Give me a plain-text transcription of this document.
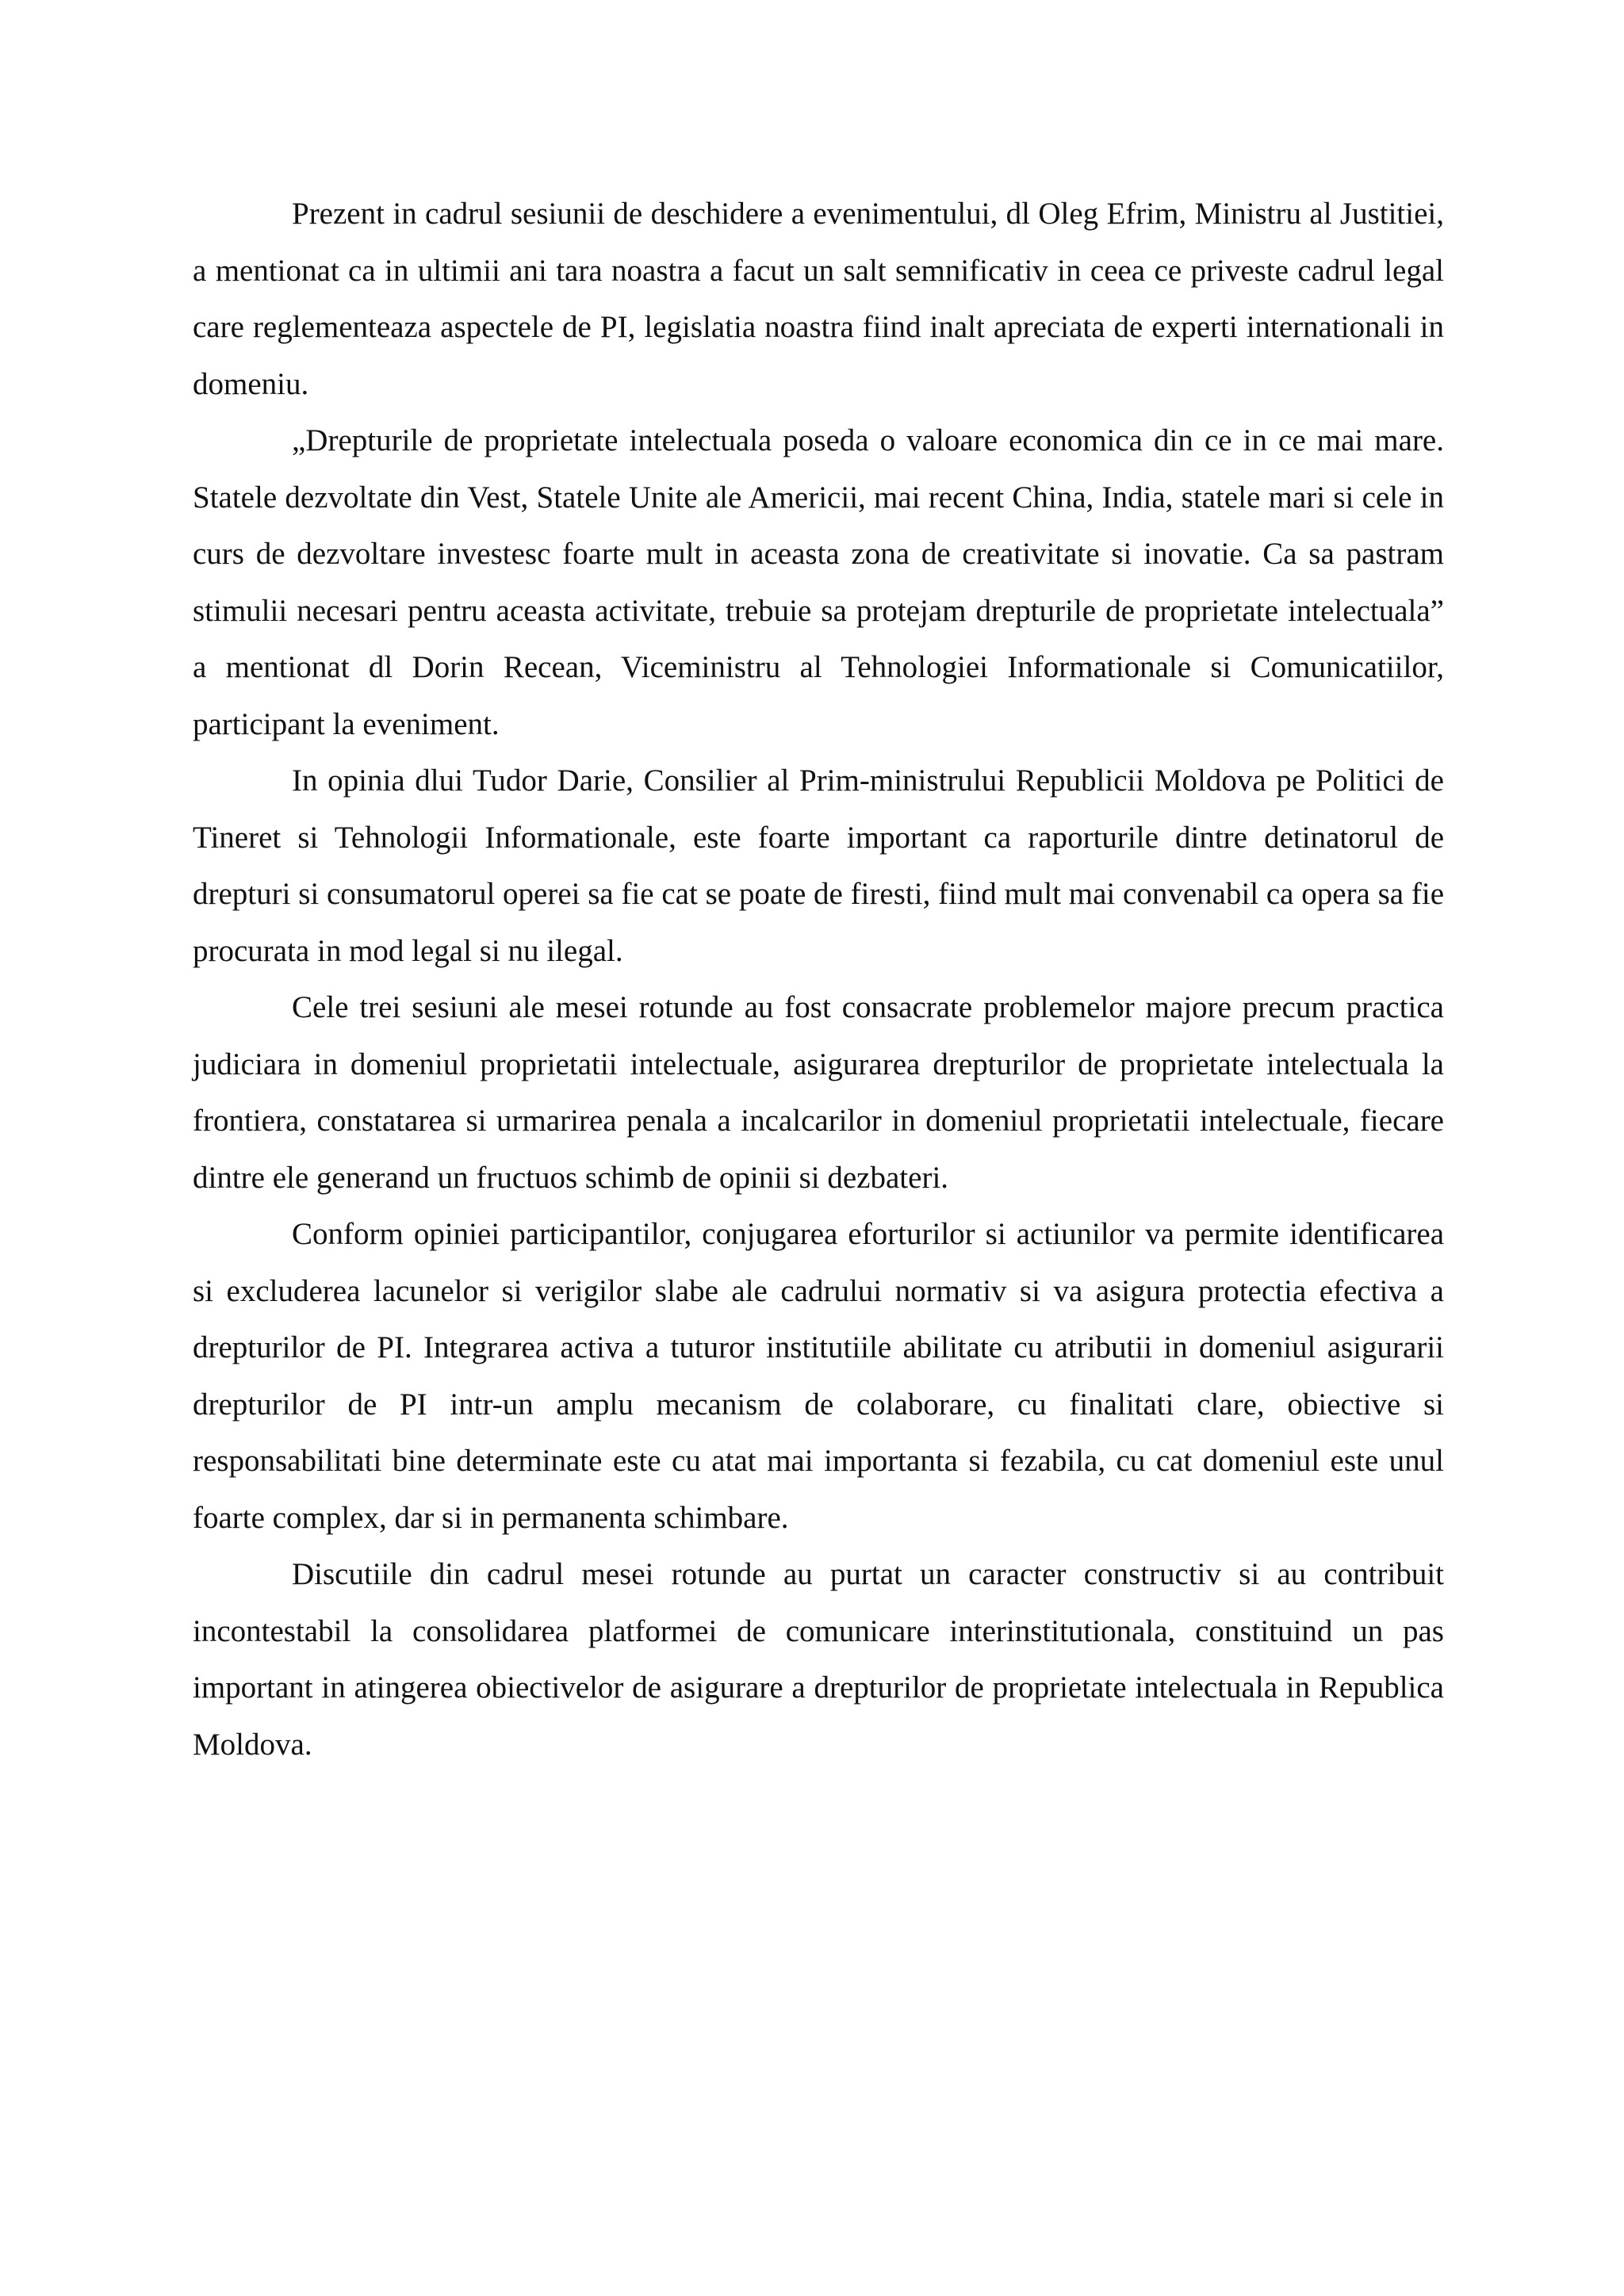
Prezent in cadrul sesiunii de deschidere a evenimentului, dl Oleg Efrim, Ministru al Justitiei, a mentionat ca in ultimii ani tara noastra a facut un salt semnificativ in ceea ce priveste cadrul legal care reglementeaza aspectele de PI, legislatia noastra fiind inalt apreciata de experti internationali in domeniu.

„Drepturile de proprietate intelectuala poseda o valoare economica din ce in ce mai mare. Statele dezvoltate din Vest, Statele Unite ale Americii, mai recent China, India, statele mari si cele in curs de dezvoltare investesc foarte mult in aceasta zona de creativitate si inovatie. Ca sa pastram stimulii necesari pentru aceasta activitate, trebuie sa protejam drepturile de proprietate intelectuala” a mentionat dl Dorin Recean, Viceministru al Tehnologiei Informationale si Comunicatiilor, participant la eveniment.

In opinia dlui Tudor Darie, Consilier al Prim-ministrului Republicii Moldova pe Politici de Tineret si Tehnologii Informationale, este foarte important ca raporturile dintre detinatorul de drepturi si consumatorul operei sa fie cat se poate de firesti, fiind mult mai convenabil ca opera sa fie procurata in mod legal si nu ilegal.

Cele trei sesiuni ale mesei rotunde au fost consacrate problemelor majore precum practica judiciara in domeniul proprietatii intelectuale, asigurarea drepturilor de proprietate intelectuala la frontiera, constatarea si urmarirea penala a incalcarilor in domeniul proprietatii intelectuale, fiecare dintre ele generand un fructuos schimb de opinii si dezbateri.

Conform opiniei participantilor, conjugarea eforturilor si actiunilor va permite identificarea si excluderea lacunelor si verigilor slabe ale cadrului normativ si va asigura protectia efectiva a drepturilor de PI. Integrarea activa a tuturor institutiile abilitate cu atributii in domeniul asigurarii drepturilor de PI intr-un amplu mecanism de colaborare, cu finalitati clare, obiective si responsabilitati bine determinate este cu atat mai importanta si fezabila, cu cat domeniul este unul foarte complex, dar si in permanenta schimbare.

Discutiile din cadrul mesei rotunde au purtat un caracter constructiv si au contribuit incontestabil la consolidarea platformei de comunicare interinstitutionala, constituind un pas important in atingerea obiectivelor de asigurare a drepturilor de proprietate intelectuala in Republica Moldova.
